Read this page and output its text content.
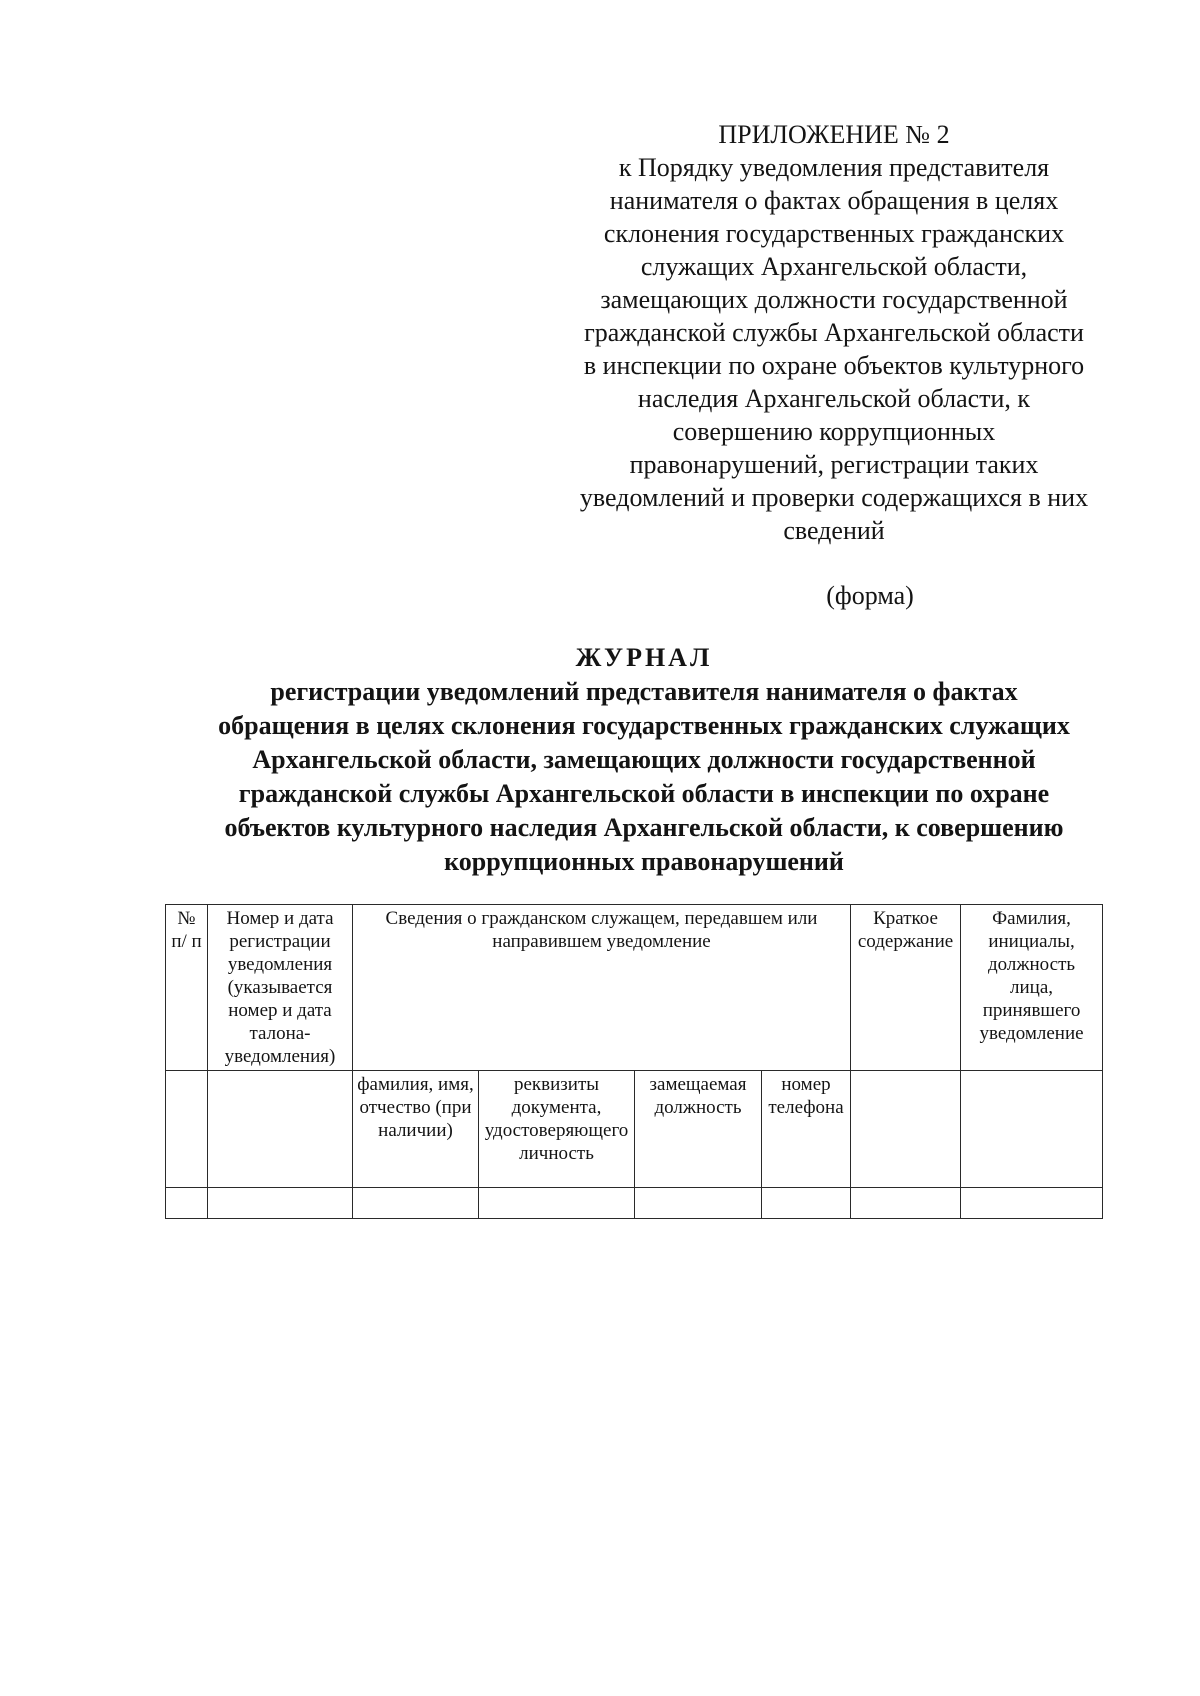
ПРИЛОЖЕНИЕ № 2
к Порядку уведомления представителя
нанимателя о фактах обращения в целях
склонения государственных гражданских
служащих Архангельской области,
замещающих должности государственной
гражданской службы Архангельской области
в инспекции по охране объектов культурного
наследия Архангельской области, к
совершению коррупционных
правонарушений, регистрации таких
уведомлений и проверки содержащихся в них
сведений
(форма)
ЖУРНАЛ
регистрации уведомлений представителя нанимателя о фактах
обращения в целях склонения государственных гражданских служащих
Архангельской области, замещающих должности государственной
гражданской службы Архангельской области в инспекции по охране
объектов культурного наследия Архангельской области, к совершению
коррупционных правонарушений
№ п/ п	Номер и дата регистрации уведомления (указывается номер и дата талона-уведомления)	Сведения о гражданском служащем, передавшем или направившем уведомление				Краткое содержание	Фамилия, инициалы, должность лица, принявшего уведомление
		фамилия, имя, отчество (при наличии)	реквизиты документа, удостоверяющего личность	замещаемая должность	номер телефона		
